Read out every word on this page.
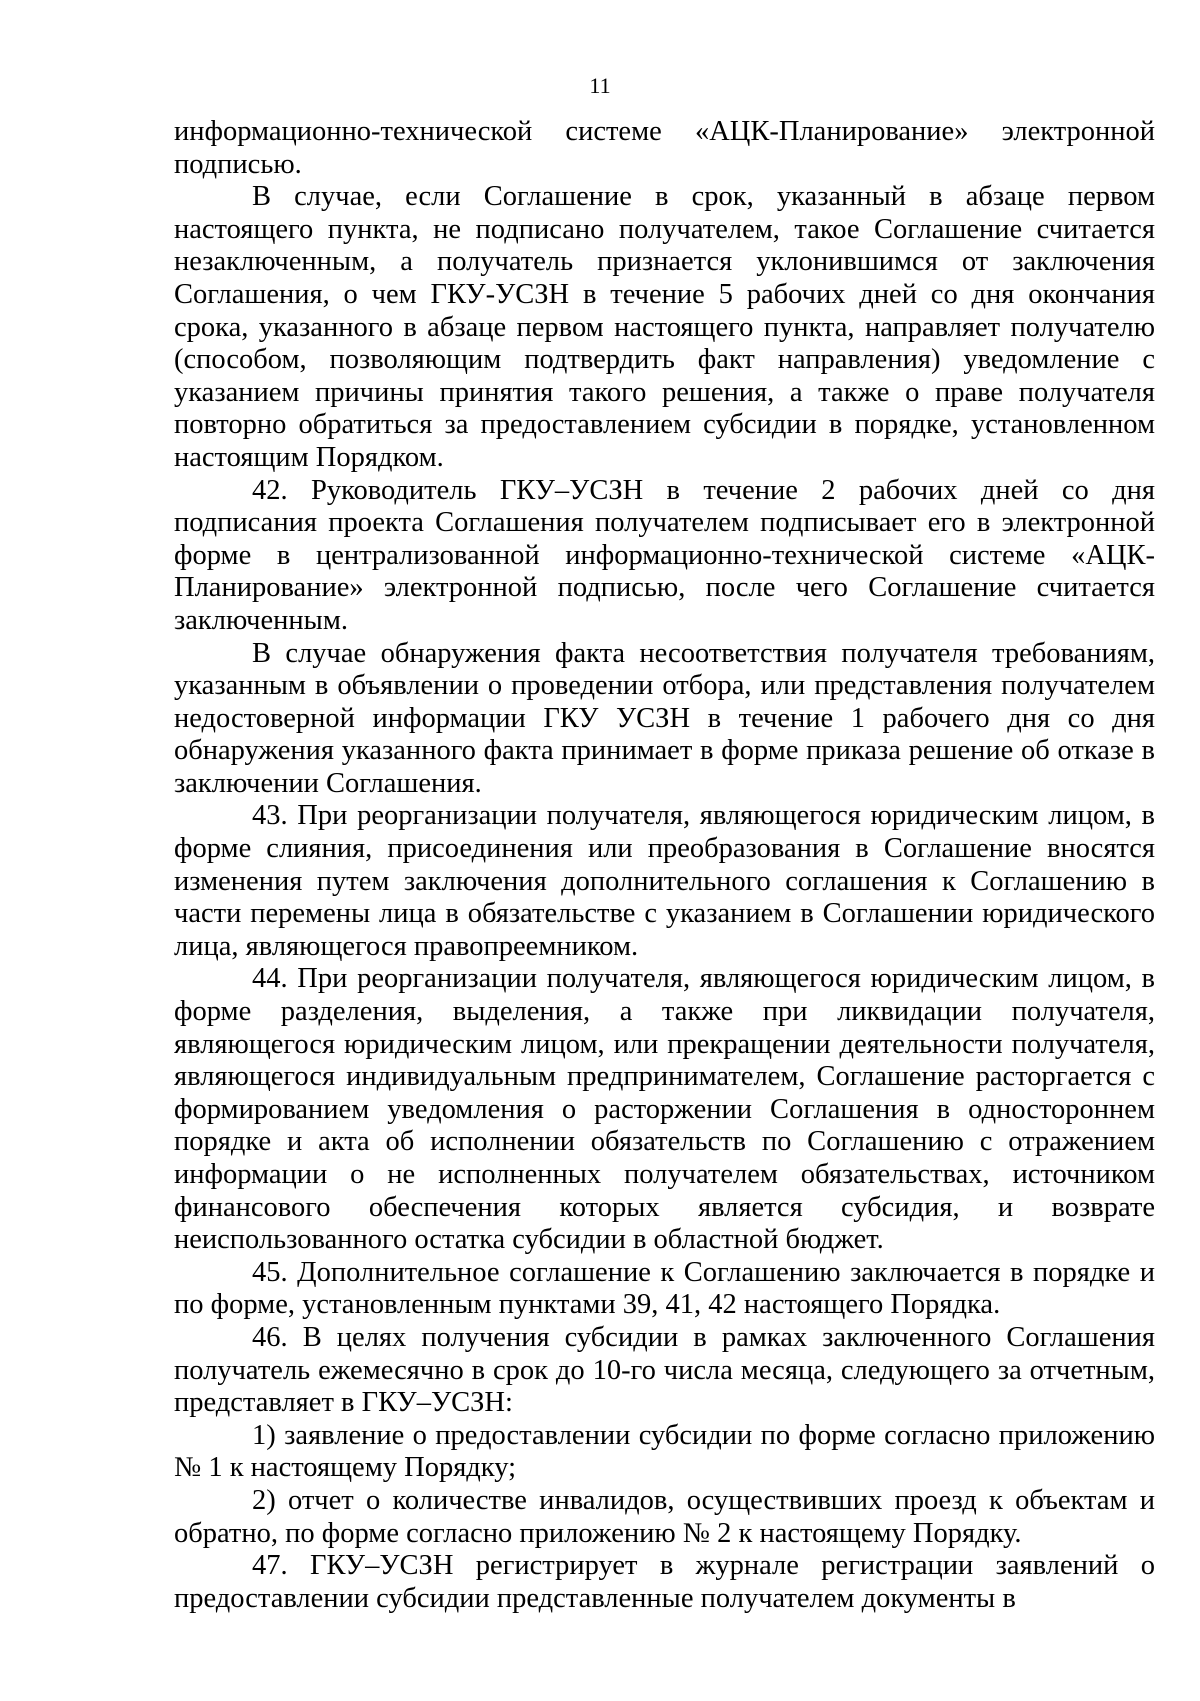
11

информационно-технической системе «АЦК-Планирование» электронной подписью.

В случае, если Соглашение в срок, указанный в абзаце первом настоящего пункта, не подписано получателем, такое Соглашение считается незаключенным, а получатель признается уклонившимся от заключения Соглашения, о чем ГКУ-УСЗН в течение 5 рабочих дней со дня окончания срока, указанного в абзаце первом настоящего пункта, направляет получателю (способом, позволяющим подтвердить факт направления) уведомление с указанием причины принятия такого решения, а также о праве получателя повторно обратиться за предоставлением субсидии в порядке, установленном настоящим Порядком.

42. Руководитель ГКУ–УСЗН в течение 2 рабочих дней со дня подписания проекта Соглашения получателем подписывает его в электронной форме в централизованной информационно-технической системе «АЦК-Планирование» электронной подписью, после чего Соглашение считается заключенным.

В случае обнаружения факта несоответствия получателя требованиям, указанным в объявлении о проведении отбора, или представления получателем недостоверной информации ГКУ УСЗН в течение 1 рабочего дня со дня обнаружения указанного факта принимает в форме приказа решение об отказе в заключении Соглашения.

43. При реорганизации получателя, являющегося юридическим лицом, в форме слияния, присоединения или преобразования в Соглашение вносятся изменения путем заключения дополнительного соглашения к Соглашению в части перемены лица в обязательстве с указанием в Соглашении юридического лица, являющегося правопреемником.

44. При реорганизации получателя, являющегося юридическим лицом, в форме разделения, выделения, а также при ликвидации получателя, являющегося юридическим лицом, или прекращении деятельности получателя, являющегося индивидуальным предпринимателем, Соглашение расторгается с формированием уведомления о расторжении Соглашения в одностороннем порядке и акта об исполнении обязательств по Соглашению с отражением информации о не исполненных получателем обязательствах, источником финансового обеспечения которых является субсидия, и возврате неиспользованного остатка субсидии в областной бюджет.

45. Дополнительное соглашение к Соглашению заключается в порядке и по форме, установленным пунктами 39, 41, 42 настоящего Порядка.

46. В целях получения субсидии в рамках заключенного Соглашения получатель ежемесячно в срок до 10-го числа месяца, следующего за отчетным, представляет в ГКУ–УСЗН:

1) заявление о предоставлении субсидии по форме согласно приложению № 1 к настоящему Порядку;

2) отчет о количестве инвалидов, осуществивших проезд к объектам и обратно, по форме согласно приложению № 2 к настоящему Порядку.

47. ГКУ–УСЗН регистрирует в журнале регистрации заявлений о предоставлении субсидии представленные получателем документы в
